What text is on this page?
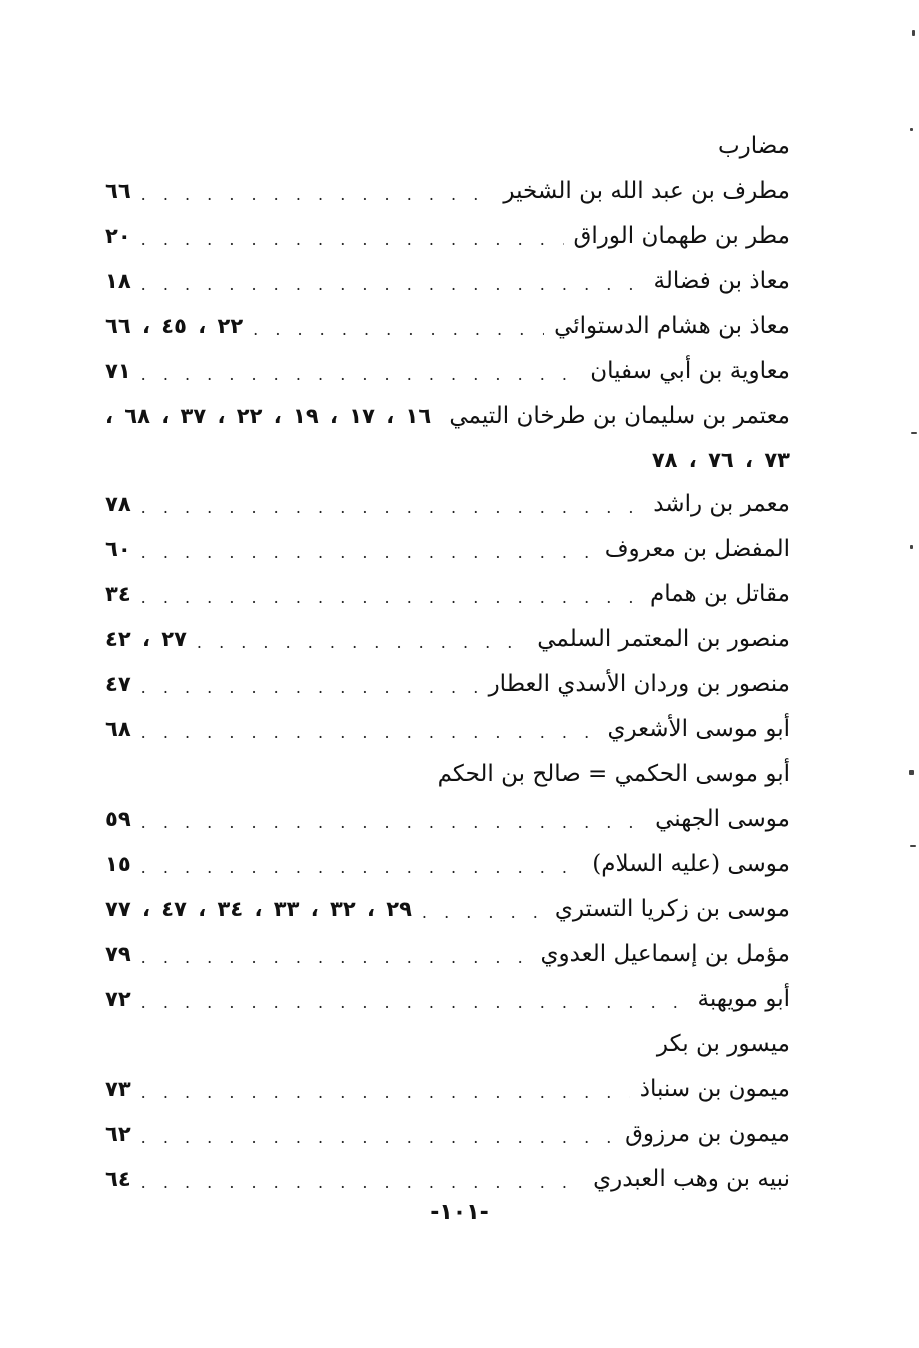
مضارب
مطرف بن عبد الله بن الشخير
. . .
٦٦
مطر بن طهمان الوراق
. . .
٢٠
معاذ بن فضالة
. . .
١٨
معاذ بن هشام الدستوائي
. . .
٢٢ ، ٤٥ ، ٦٦
معاوية بن أبي سفيان
. . .
٧١
معتمر بن سليمان بن طرخان التيمي
١٦ ، ١٧ ، ١٩ ، ٢٢ ، ٣٧ ، ٦٨ ،
٧٣ ، ٧٦ ، ٧٨
معمر بن راشد
. . .
٧٨
المفضل بن معروف
. . .
٦٠
مقاتل بن همام
. . .
٣٤
منصور بن المعتمر السلمي
. . .
٢٧ ، ٤٢
منصور بن وردان الأسدي العطار
. . .
٤٧
أبو موسى الأشعري
. . .
٦٨
أبو موسى الحكمي = صالح بن الحكم
موسى الجهني
. . .
٥٩
موسى (عليه السلام)
. . .
١٥
موسى بن زكريا التستري
. . .
٢٩ ، ٣٢ ، ٣٣ ، ٣٤ ، ٤٧ ، ٧٧
مؤمل بن إسماعيل العدوي
. . .
٧٩
أبو مويهبة
. . .
٧٢
ميسور بن بكر
ميمون بن سنباذ
. . .
٧٣
ميمون بن مرزوق
. . .
٦٢
نبيه بن وهب العبدري
. . .
٦٤
-١٠١-
